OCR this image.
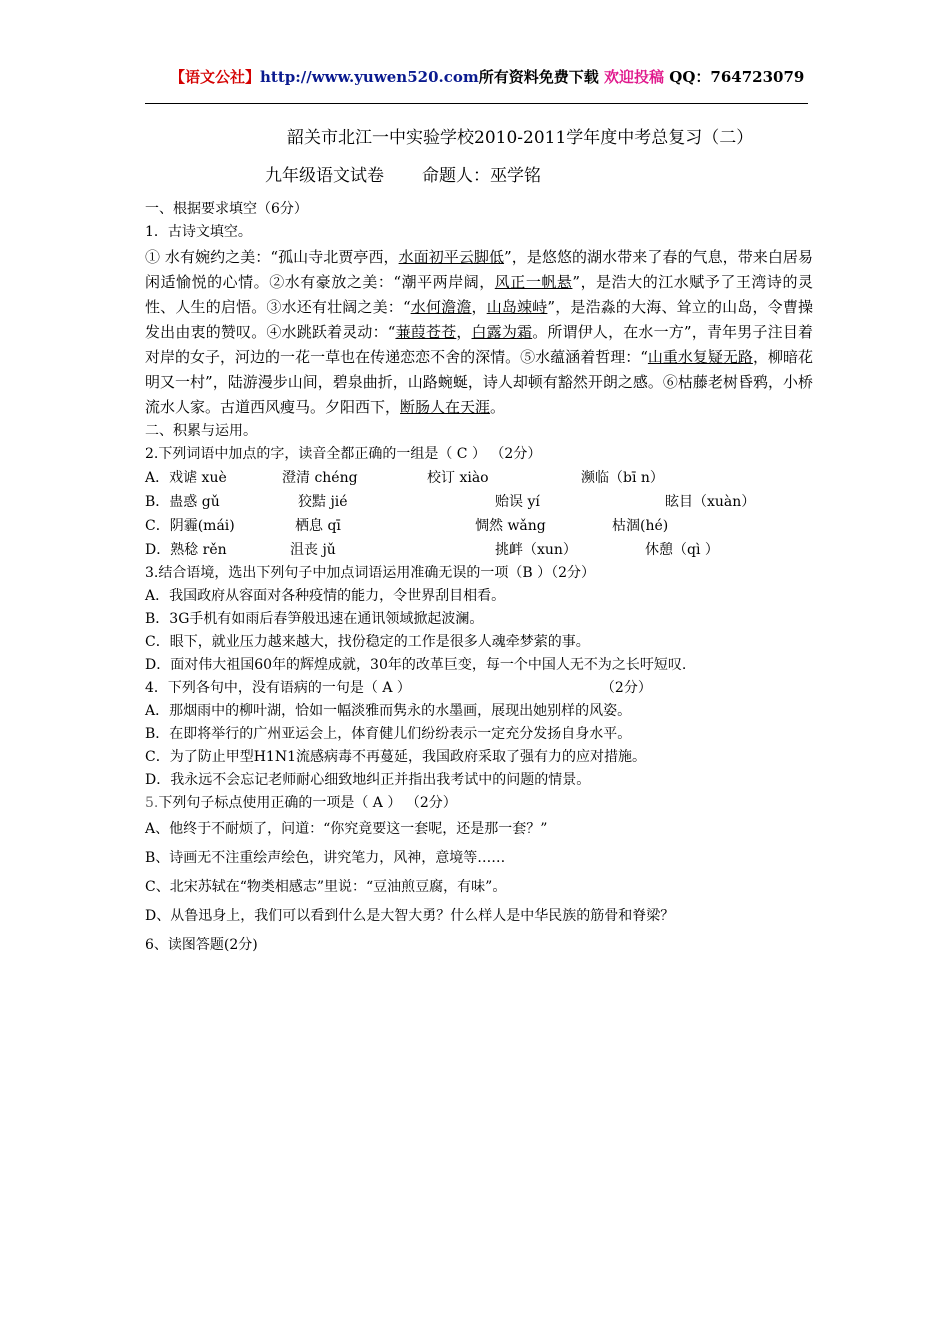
【语文公社】http://www.yuwen520.com所有资料免费下载 欢迎投稿 QQ：764723079
韶关市北江一中实验学校2010-2011学年度中考总复习（二）
九年级语文试卷 命题人：巫学铭
一、根据要求填空（6分）
1．古诗文填空。
① 水有婉约之美：“孤山寺北贾亭西，水面初平云脚低”，是悠悠的湖水带来了春的气息，带来白居易闲适愉悦的心情。②水有豪放之美：“潮平两岸阔，风正一帆悬”，是浩大的江水赋予了王湾诗的灵性、人生的启悟。③水还有壮阔之美：“水何澹澹，山岛竦峙”，是浩淼的大海、耸立的山岛，令曹操发出由衷的赞叹。④水跳跃着灵动：“蒹葭苍苍，白露为霜。所谓伊人，在水一方”，青年男子注目着对岸的女子，河边的一花一草也在传递恋恋不舍的深情。⑤水蕴涵着哲理：“山重水复疑无路，柳暗花明又一村”，陆游漫步山间，碧泉曲折，山路蜿蜒，诗人却顿有豁然开朗之感。⑥枯藤老树昏鸦，小桥流水人家。古道西风瘦马。夕阳西下，断肠人在天涯。
二、积累与运用。
2.下列词语中加点的字，读音全都正确的一组是（ C ） （2分）
A．戏谑 xuè	澄清 chéng	校订 xiào	濒临（bī n）
B．蛊惑 gǔ	狡黠 jié	贻误 yí	眩目（xuàn）
C．阴霾(mái)	栖息 qī	惆然 wǎng	枯涸(hé)
D．熟稔 rěn	沮丧 jǔ	挑衅（xun）	休憩（qì ）
3.结合语境，选出下列句子中加点词语运用准确无误的一项（B ）（2分）
A．我国政府从容面对各种疫情的能力，令世界刮目相看。
B．3G手机有如雨后春笋般迅速在通讯领域掀起波澜。
C．眼下，就业压力越来越大，找份稳定的工作是很多人魂牵梦萦的事。
D．面对伟大祖国60年的辉煌成就，30年的改革巨变，每一个中国人无不为之长吁短叹.
4．下列各句中，没有语病的一句是（ A ）	（2分）
A．那烟雨中的柳叶湖，恰如一幅淡雅而隽永的水墨画，展现出她别样的风姿。
B．在即将举行的广州亚运会上，体育健儿们纷纷表示一定充分发扬自身水平。
C．为了防止甲型H1N1流感病毒不再蔓延，我国政府采取了强有力的应对措施。
D．我永远不会忘记老师耐心细致地纠正并指出我考试中的问题的情景。
5.下列句子标点使用正确的一项是（ A ） （2分）
A、他终于不耐烦了，问道：“你究竟要这一套呢，还是那一套？”
B、诗画无不注重绘声绘色，讲究笔力，风神，意境等……
C、北宋苏轼在“物类相感志”里说：“豆油煎豆腐，有味”。
D、从鲁迅身上，我们可以看到什么是大智大勇？什么样人是中华民族的筋骨和脊梁？
6、读图答题(2分)
